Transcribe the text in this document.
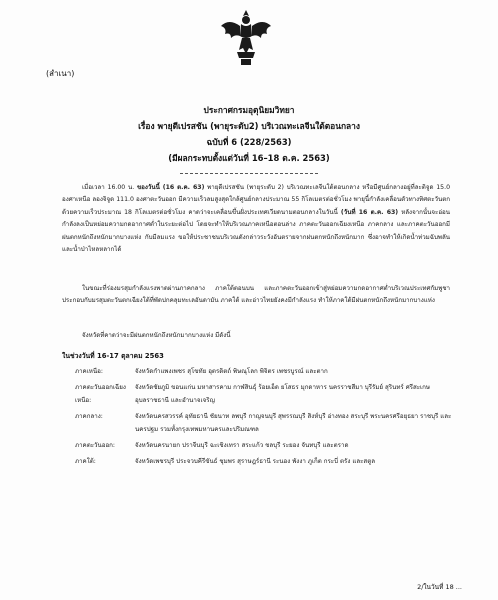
(สำเนา)
ประกาศกรมอุตุนิยมวิทยา
เรื่อง พายุดีเปรสชัน (พายุระดับ2) บริเวณทะเลจีนใต้ตอนกลาง
ฉบับที่ 6 (228/2563)
(มีผลกระทบตั้งแต่วันที่ 16–18 ต.ค. 2563)
เมื่อเวลา 16.00 น. ของวันนี้ (16 ต.ค. 63) พายุดีเปรสชัน (พายุระดับ 2) บริเวณทะเลจีนใต้ตอนกลาง หรือมีศูนย์กลางอยู่ที่ละติจูด 15.0 องศาเหนือ ลองจิจูด 111.0 องศาตะวันออก มีความเร็วลมสูงสุดใกล้ศูนย์กลางประมาณ 55 กิโลเมตรต่อชั่วโมง พายุนี้กำลังเคลื่อนตัวทางทิศตะวันตกด้วยความเร็วประมาณ 18 กิโลเมตรต่อชั่วโมง คาดว่าจะเคลื่อนขึ้นฝั่งประเทศเวียดนามตอนกลางในวันนี้ (วันที่ 16 ต.ค. 63) หลังจากนั้นจะอ่อนกำลังลงเป็นหย่อมความกดอากาศต่ำในระยะต่อไป โดยจะทำให้บริเวณภาคเหนือตอนล่าง ภาคตะวันออกเฉียงเหนือ ภาคกลาง และภาคตะวันออกมีฝนตกหนักถึงหนักมากบางแห่ง กับมีลมแรง ขอให้ประชาชนบริเวณดังกล่าวระวังอันตรายจากฝนตกหนักถึงหนักมาก ซึ่งอาจทำให้เกิดน้ำท่วมฉับพลันและน้ำป่าไหลหลากได้
ในขณะที่ร่องมรสุมกำลังแรงพาดผ่านภาคกลาง ภาคใต้ตอนบน และภาคตะวันออกเข้าสู่หย่อมความกดอากาศต่ำบริเวณประเทศกัมพูชา ประกอบกับมรสุมตะวันตกเฉียงใต้ที่พัดปกคลุมทะเลอันดามัน ภาคใต้ และอ่าวไทยยังคงมีกำลังแรง ทำให้ภาคใต้มีฝนตกหนักถึงหนักมากบางแห่ง
จังหวัดที่คาดว่าจะมีฝนตกหนักถึงหนักมากบางแห่ง มีดังนี้
ในช่วงวันที่ 16-17 ตุลาคม 2563
ภาคเหนือ:	จังหวัดกำแพงเพชร สุโขทัย อุตรดิตถ์ พิษณุโลก พิจิตร เพชรบูรณ์ และตาก
ภาคตะวันออกเฉียงเหนือ:
จังหวัดชัยภูมิ ขอนแก่น มหาสารคาม กาฬสินธุ์ ร้อยเอ็ด ยโสธร มุกดาหาร นครราชสีมา บุรีรัมย์ สุรินทร์ ศรีสะเกษ อุบลราชธานี และอำนาจเจริญ
ภาคกลาง:	จังหวัดนครสวรรค์ อุทัยธานี ชัยนาท ลพบุรี กาญจนบุรี สุพรรณบุรี สิงห์บุรี อ่างทอง สระบุรี พระนครศรีอยุธยา ราชบุรี และนครปฐม รวมทั้งกรุงเทพมหานครและปริมณฑล
ภาคตะวันออก:	จังหวัดนครนายก ปราจีนบุรี ฉะเชิงเทรา สระแก้ว ชลบุรี ระยอง จันทบุรี และตราด
ภาคใต้:	จังหวัดเพชรบุรี ประจวบคีรีขันธ์ ชุมพร สุราษฎร์ธานี ระนอง พังงา ภูเก็ต กระบี่ ตรัง และสตูล
2/ในวันที่ 18 ...
